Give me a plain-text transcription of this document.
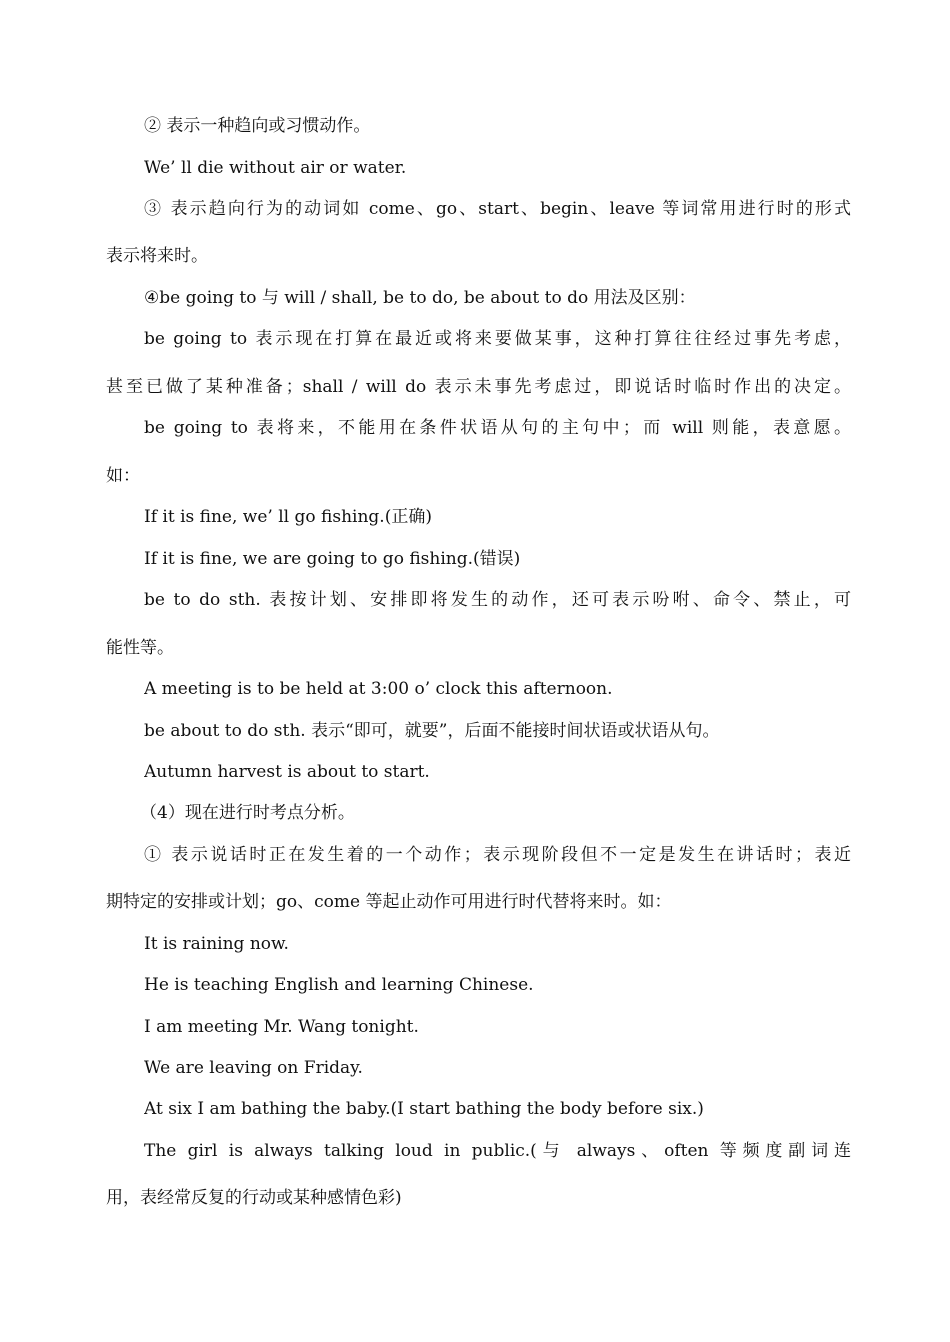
② 表示一种趋向或习惯动作。
We’ ll die without air or water.
③ 表示趋向行为的动词如 come、go、start、begin、leave 等词常用进行时的形式
表示将来时。
④be going to 与 will / shall, be to do, be about to do 用法及区别：
be going to 表示现在打算在最近或将来要做某事，这种打算往往经过事先考虑，
甚至已做了某种准备；shall / will do 表示未事先考虑过，即说话时临时作出的决定。
be going to 表将来，不能用在条件状语从句的主句中；而 will 则能，表意愿。
如：
If it is fine, we’ ll go fishing.(正确)
If it is fine, we are going to go fishing.(错误)
be to do sth. 表按计划、安排即将发生的动作，还可表示吩咐、命令、禁止，可
能性等。
A meeting is to be held at 3:00 o’ clock this afternoon.
be about to do sth. 表示“即可，就要”，后面不能接时间状语或状语从句。
Autumn harvest is about to start.
（4）现在进行时考点分析。
① 表示说话时正在发生着的一个动作；表示现阶段但不一定是发生在讲话时；表近
期特定的安排或计划；go、come 等起止动作可用进行时代替将来时。如：
It is raining now.
He is teaching English and learning Chinese.
I am meeting Mr. Wang tonight.
We are leaving on Friday.
At six I am bathing the baby.(I start bathing the body before six.)
The girl is always talking loud in public.(与 always、often 等频度副词连
用，表经常反复的行动或某种感情色彩)
